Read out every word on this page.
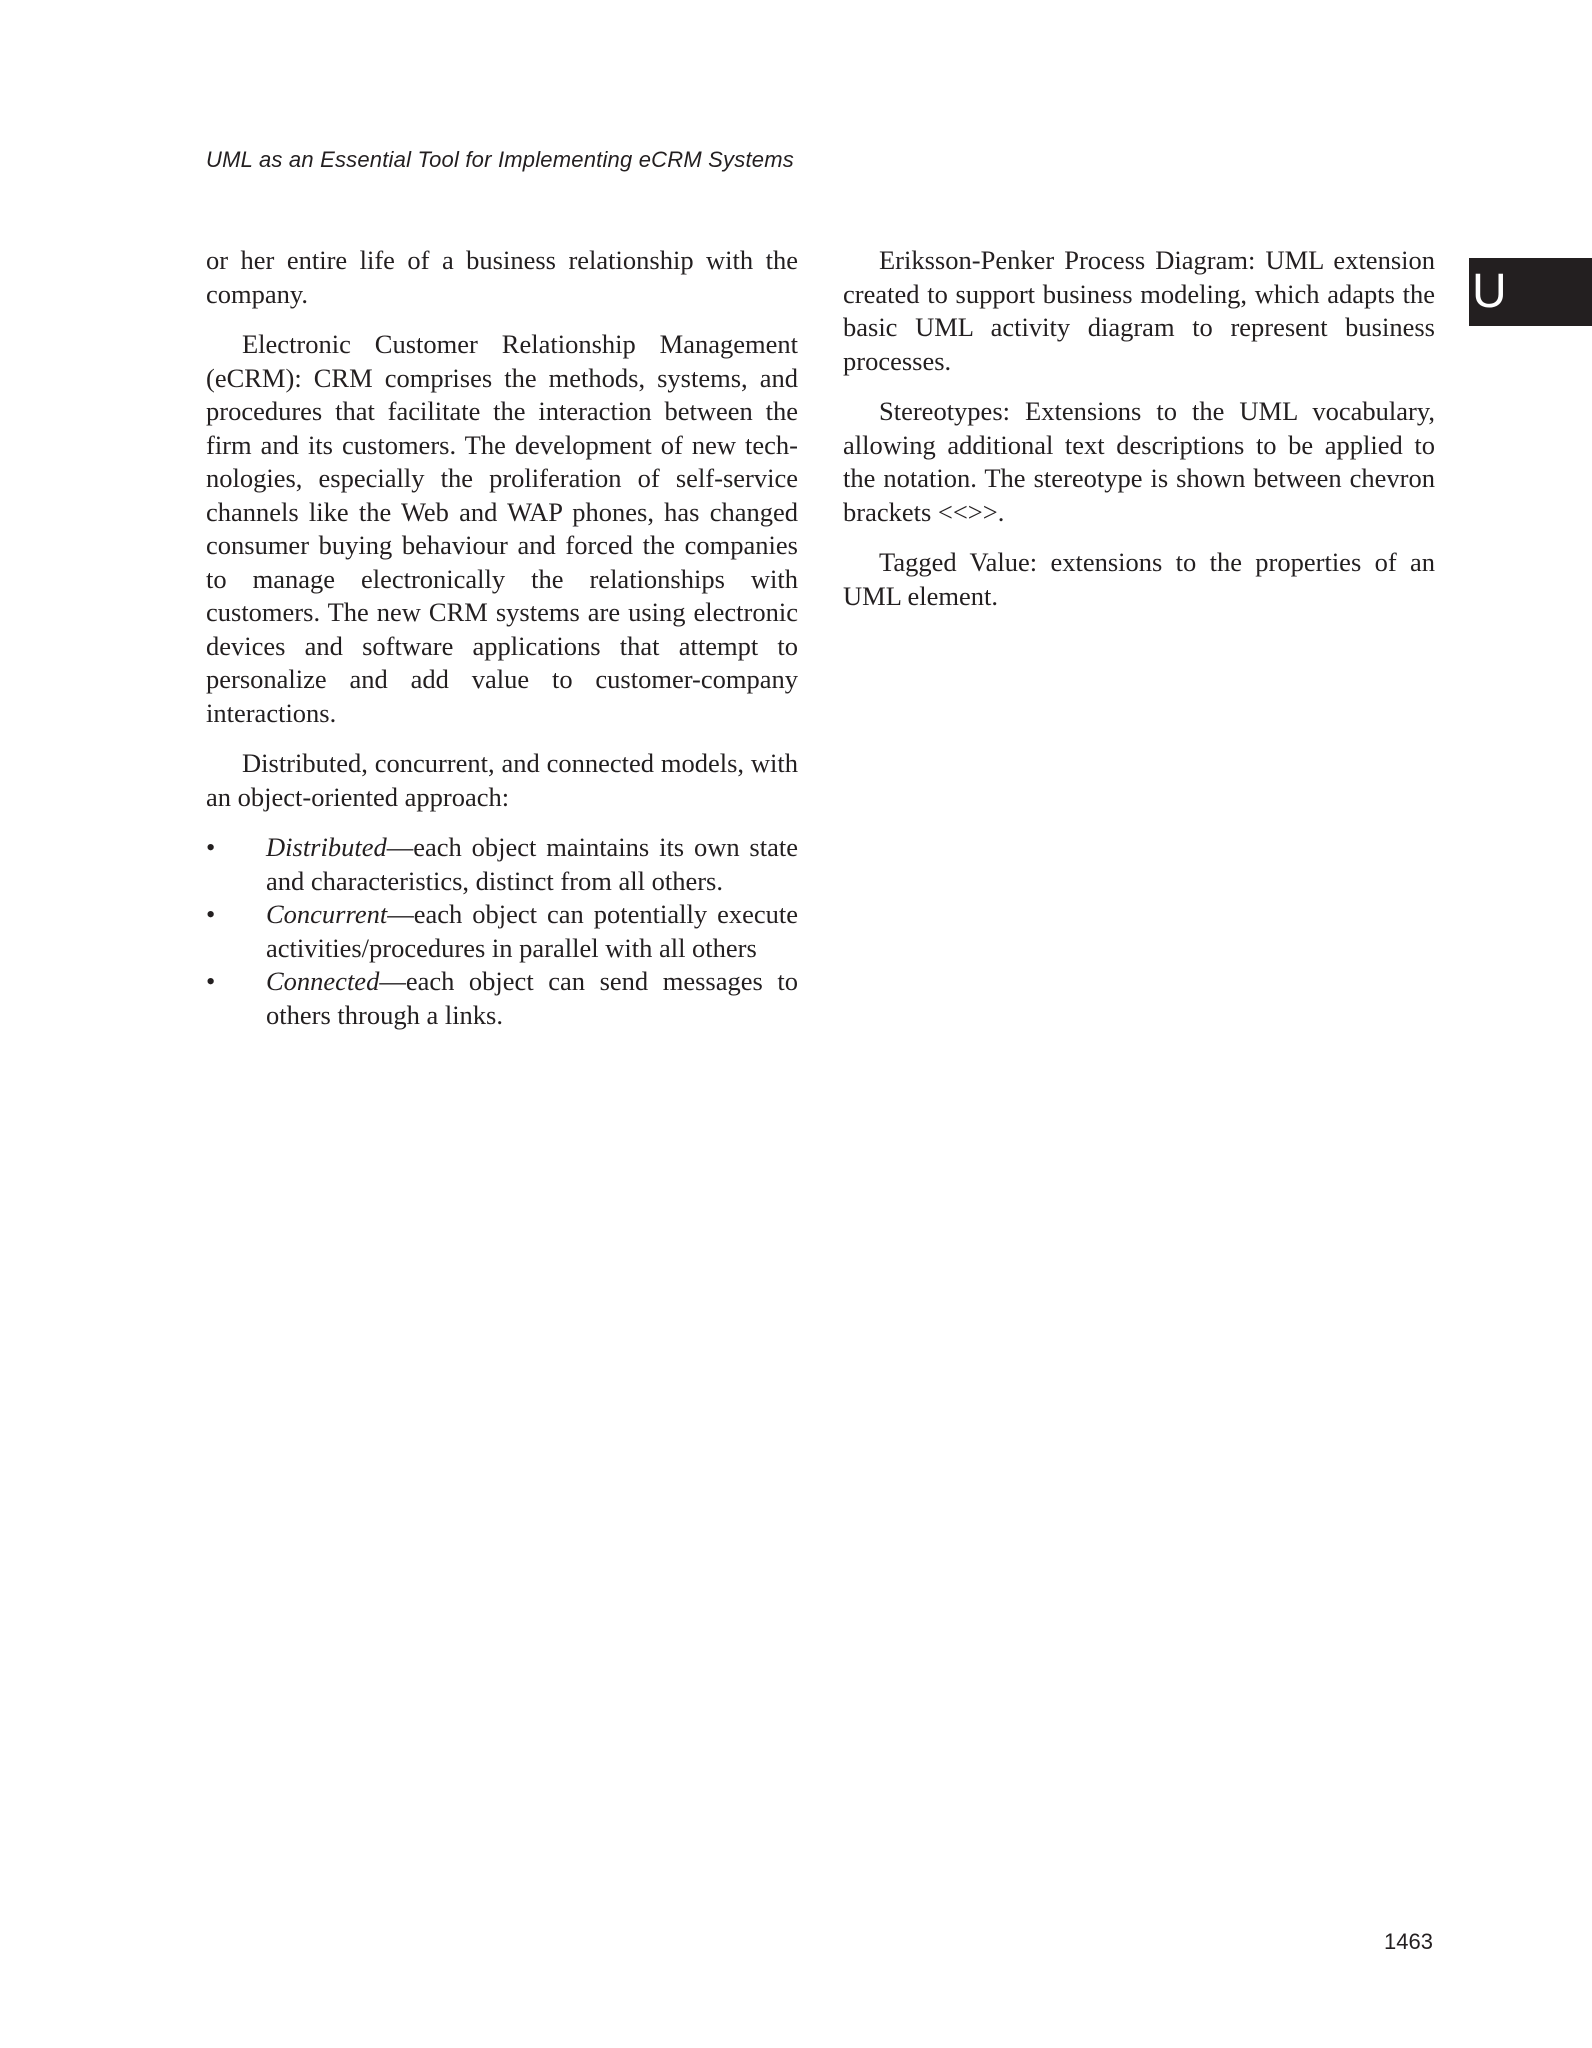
UML as an Essential Tool for Implementing eCRM Systems
U

or her entire life of a business relationship with the company.

Electronic Customer Relationship Management (eCRM): CRM comprises the methods, systems, and procedures that facilitate the interaction between the firm and its customers. The development of new technologies, especially the proliferation of self-service channels like the Web and WAP phones, has changed consumer buying behaviour and forced the companies to manage electronically the relationships with customers. The new CRM systems are using electronic devices and software applications that attempt to personalize and add value to customer-company interactions.

Distributed, concurrent, and connected models, with an object-oriented approach:

• Distributed—each object maintains its own state and characteristics, distinct from all others.
• Concurrent—each object can potentially execute activities/procedures in parallel with all others
• Connected—each object can send messages to others through a links.

Eriksson-Penker Process Diagram: UML extension created to support business modeling, which adapts the basic UML activity diagram to represent business processes.

Stereotypes: Extensions to the UML vocabulary, allowing additional text descriptions to be applied to the notation. The stereotype is shown between chevron brackets <<>>.

Tagged Value: extensions to the properties of an UML element.

1463
